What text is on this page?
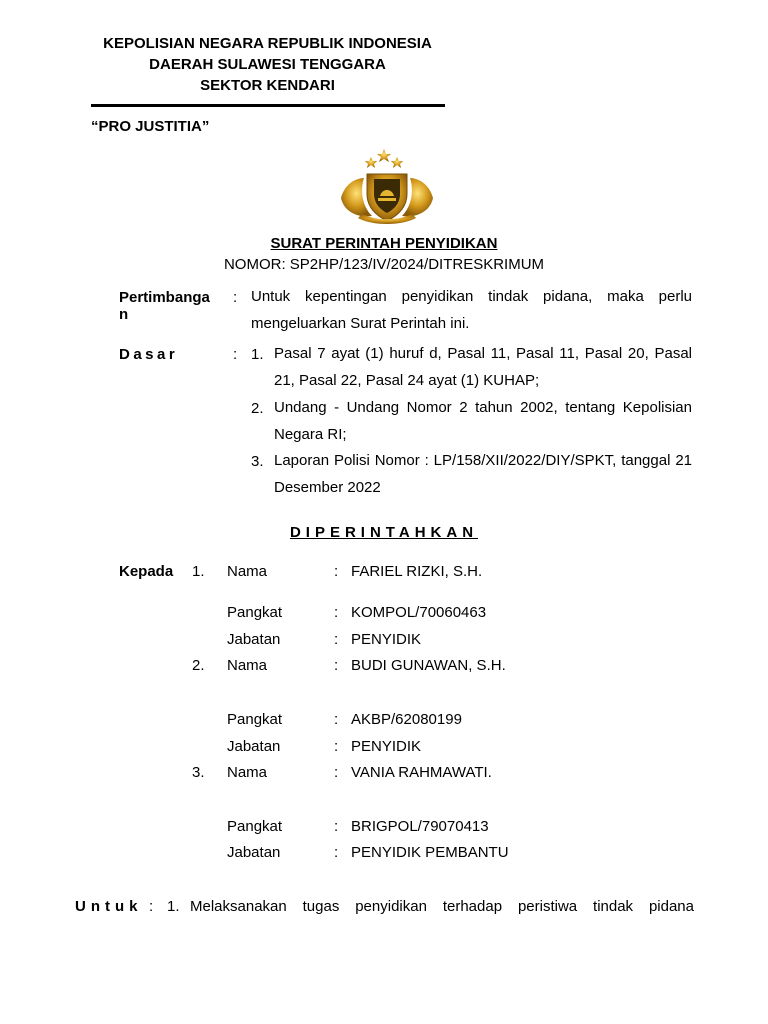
KEPOLISIAN NEGARA REPUBLIK INDONESIA
DAERAH SULAWESI TENGGARA
SEKTOR KENDARI
“PRO JUSTITIA”
SURAT PERINTAH PENYIDIKAN
NOMOR: SP2HP/123/IV/2024/DITRESKRIMUM
Pertimbanga
n
: Untuk kepentingan penyidikan tindak pidana, maka perlu mengeluarkan Surat Perintah ini.
Dasar	: 1. Pasal 7 ayat (1) huruf d, Pasal 11, Pasal 11, Pasal 20, Pasal 21, Pasal 22, Pasal 24 ayat (1) KUHAP;
2. Undang - Undang Nomor 2 tahun 2002, tentang Kepolisian Negara RI;
3. Laporan Polisi Nomor : LP/158/XII/2022/DIY/SPKT, tanggal 21 Desember 2022
DIPERINTAHKAN
Kepada 1. Nama	: FARIEL RIZKI, S.H.
Pangkat	: KOMPOL/70060463
Jabatan	: PENYIDIK
2. Nama	: BUDI GUNAWAN, S.H.
Pangkat	: AKBP/62080199
Jabatan	: PENYIDIK
3. Nama	: VANIA RAHMAWATI.
Pangkat	: BRIGPOL/79070413
Jabatan	: PENYIDIK PEMBANTU
Untuk : 1. Melaksanakan tugas penyidikan terhadap peristiwa tindak pidana
